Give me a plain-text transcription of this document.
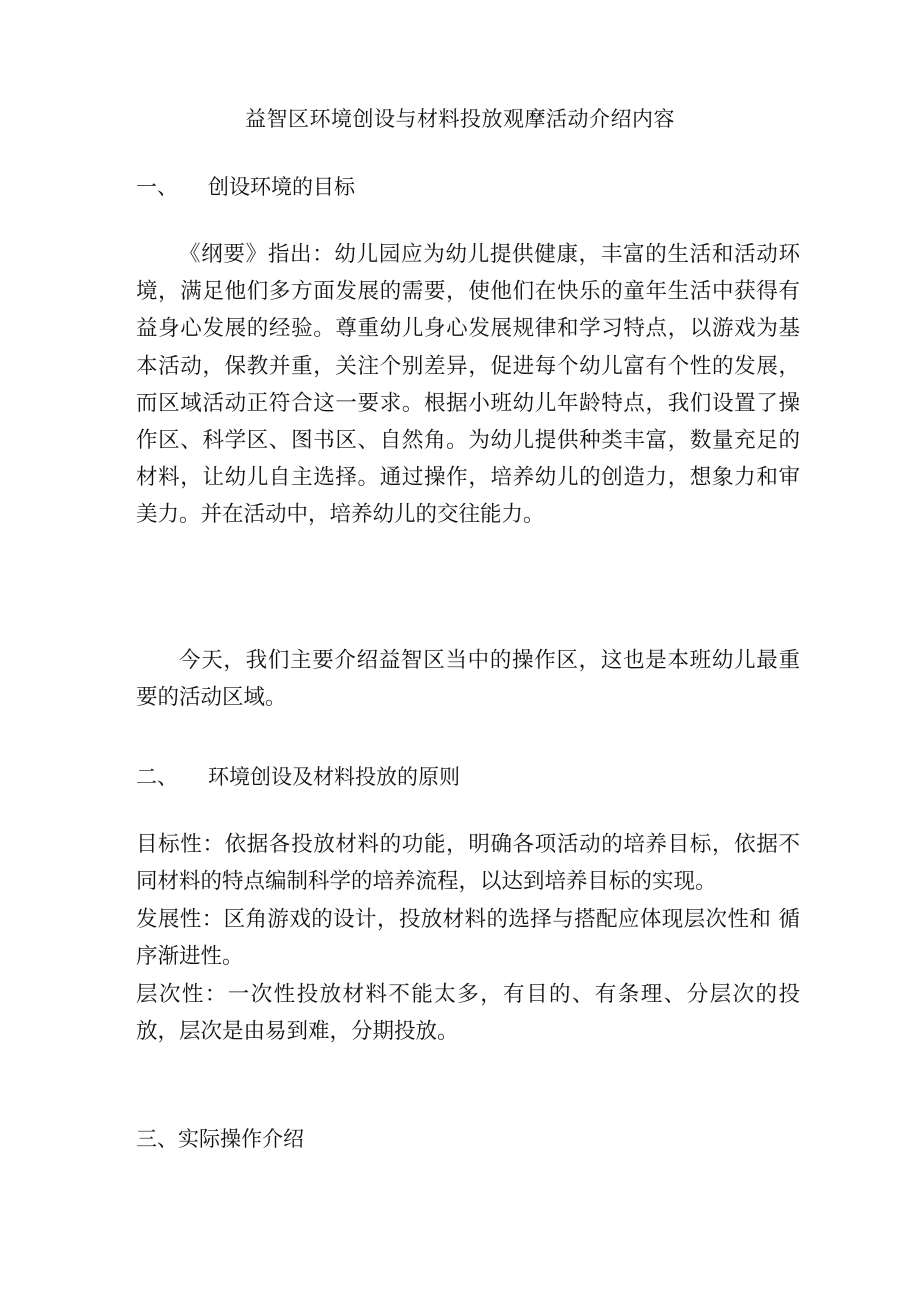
益智区环境创设与材料投放观摩活动介绍内容
一、 创设环境的目标

《纲要》指出：幼儿园应为幼儿提供健康，丰富的生活和活动环境，满足他们多方面发展的需要，使他们在快乐的童年生活中获得有益身心发展的经验。尊重幼儿身心发展规律和学习特点，以游戏为基本活动，保教并重，关注个别差异，促进每个幼儿富有个性的发展，而区域活动正符合这一要求。根据小班幼儿年龄特点，我们设置了操作区、科学区、图书区、自然角。为幼儿提供种类丰富，数量充足的材料，让幼儿自主选择。通过操作，培养幼儿的创造力，想象力和审美力。并在活动中，培养幼儿的交往能力。

今天，我们主要介绍益智区当中的操作区，这也是本班幼儿最重要的活动区域。

二、 环境创设及材料投放的原则
目标性：依据各投放材料的功能，明确各项活动的培养目标，依据不同材料的特点编制科学的培养流程，以达到培养目标的实现。
发展性：区角游戏的设计，投放材料的选择与搭配应体现层次性和 循序渐进性。
层次性：一次性投放材料不能太多，有目的、有条理、分层次的投放，层次是由易到难，分期投放。
三、实际操作介绍
